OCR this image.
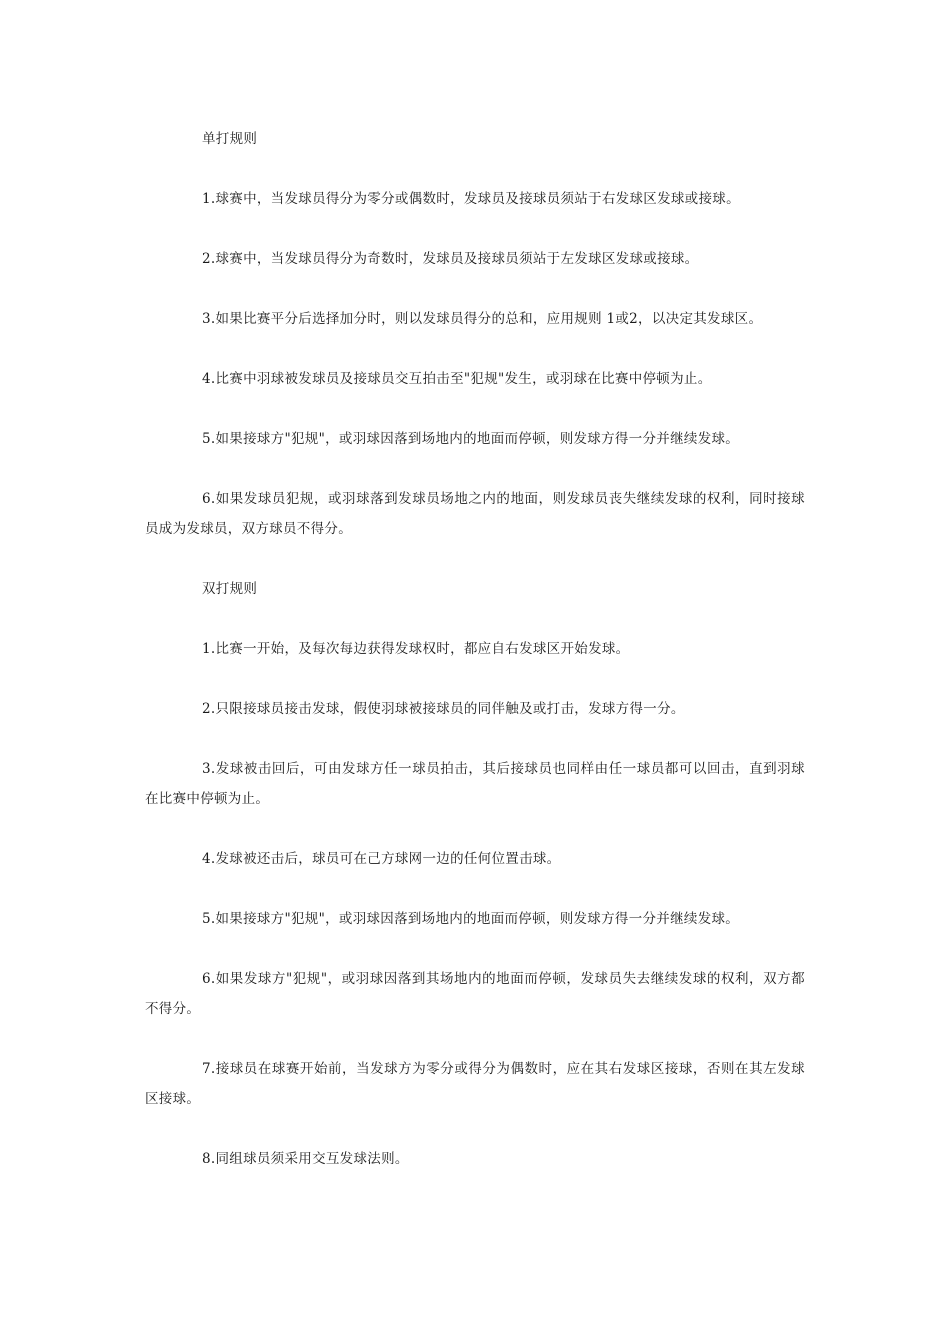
单打规则

1.球赛中，当发球员得分为零分或偶数时，发球员及接球员须站于右发球区发球或接球。

2.球赛中，当发球员得分为奇数时，发球员及接球员须站于左发球区发球或接球。

3.如果比赛平分后选择加分时，则以发球员得分的总和，应用规则 1或2，以决定其发球区。

4.比赛中羽球被发球员及接球员交互拍击至"犯规"发生，或羽球在比赛中停顿为止。

5.如果接球方"犯规"，或羽球因落到场地内的地面而停顿，则发球方得一分并继续发球。

6.如果发球员犯规，或羽球落到发球员场地之内的地面，则发球员丧失继续发球的权利，同时接球员成为发球员，双方球员不得分。

双打规则

1.比赛一开始，及每次每边获得发球权时，都应自右发球区开始发球。

2.只限接球员接击发球，假使羽球被接球员的同伴触及或打击，发球方得一分。

3.发球被击回后，可由发球方任一球员拍击，其后接球员也同样由任一球员都可以回击，直到羽球在比赛中停顿为止。

4.发球被还击后，球员可在己方球网一边的任何位置击球。

5.如果接球方"犯规"，或羽球因落到场地内的地面而停顿，则发球方得一分并继续发球。

6.如果发球方"犯规"，或羽球因落到其场地内的地面而停顿，发球员失去继续发球的权利，双方都不得分。

7.接球员在球赛开始前，当发球方为零分或得分为偶数时，应在其右发球区接球，否则在其左发球区接球。

8.同组球员须采用交互发球法则。
